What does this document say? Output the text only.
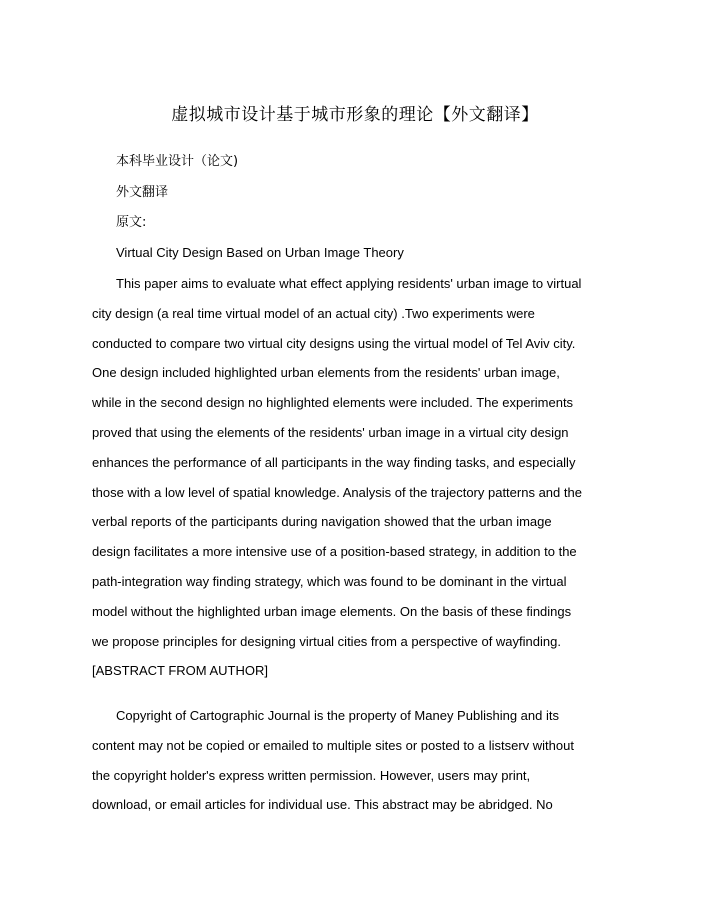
虚拟城市设计基于城市形象的理论【外文翻译】
本科毕业设计（论文)
外文翻译
原文:
Virtual City Design Based on Urban Image Theory
This paper aims to evaluate what effect applying residents' urban image to virtual
city design (a real time virtual model of an actual city) .Two experiments were
conducted to compare two virtual city designs using the virtual model of Tel Aviv city.
One design included highlighted urban elements from the residents' urban image,
while in the second design no highlighted elements were included. The experiments
proved that using the elements of the residents' urban image in a virtual city design
enhances the performance of all participants in the way finding tasks, and especially
those with a low level of spatial knowledge. Analysis of the trajectory patterns and the
verbal reports of the participants during navigation showed that the urban image
design facilitates a more intensive use of a position-based strategy, in addition to the
path-integration way finding strategy, which was found to be dominant in the virtual
model without the highlighted urban image elements. On the basis of these findings
we propose principles for designing virtual cities from a perspective of wayfinding.
[ABSTRACT FROM AUTHOR]
Copyright of Cartographic Journal is the property of Maney Publishing and its
content may not be copied or emailed to multiple sites or posted to a listserv without
the copyright holder's express written permission. However, users may print,
download, or email articles for individual use. This abstract may be abridged. No
